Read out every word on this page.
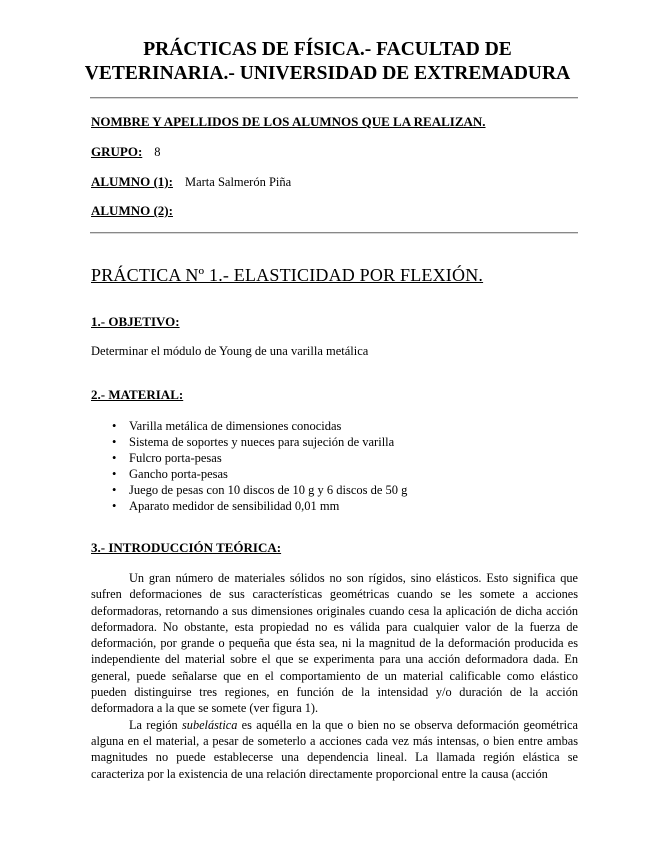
PRÁCTICAS DE FÍSICA.- FACULTAD DE
VETERINARIA.- UNIVERSIDAD DE EXTREMADURA
NOMBRE Y APELLIDOS DE LOS ALUMNOS QUE LA REALIZAN.
GRUPO: 8
ALUMNO (1): Marta Salmerón Piña
ALUMNO (2):
PRÁCTICA Nº 1.- ELASTICIDAD POR FLEXIÓN.
1.- OBJETIVO:
Determinar el módulo de Young de una varilla metálica
2.- MATERIAL:
• Varilla metálica de dimensiones conocidas
• Sistema de soportes y nueces para sujeción de varilla
• Fulcro porta-pesas
• Gancho porta-pesas
• Juego de pesas con 10 discos de 10 g y 6 discos de 50 g
• Aparato medidor de sensibilidad 0,01 mm
3.- INTRODUCCIÓN TEÓRICA:

Un gran número de materiales sólidos no son rígidos, sino elásticos. Esto significa que sufren deformaciones de sus características geométricas cuando se les somete a acciones deformadoras, retornando a sus dimensiones originales cuando cesa la aplicación de dicha acción deformadora. No obstante, esta propiedad no es válida para cualquier valor de la fuerza de deformación, por grande o pequeña que ésta sea, ni la magnitud de la deformación producida es independiente del material sobre el que se experimenta para una acción deformadora dada. En general, puede señalarse que en el comportamiento de un material calificable como elástico pueden distinguirse tres regiones, en función de la intensidad y/o duración de la acción deformadora a la que se somete (ver figura 1).

La región subelástica es aquélla en la que o bien no se observa deformación geométrica alguna en el material, a pesar de someterlo a acciones cada vez más intensas, o bien entre ambas magnitudes no puede establecerse una dependencia lineal. La llamada región elástica se caracteriza por la existencia de una relación directamente proporcional entre la causa (acción
